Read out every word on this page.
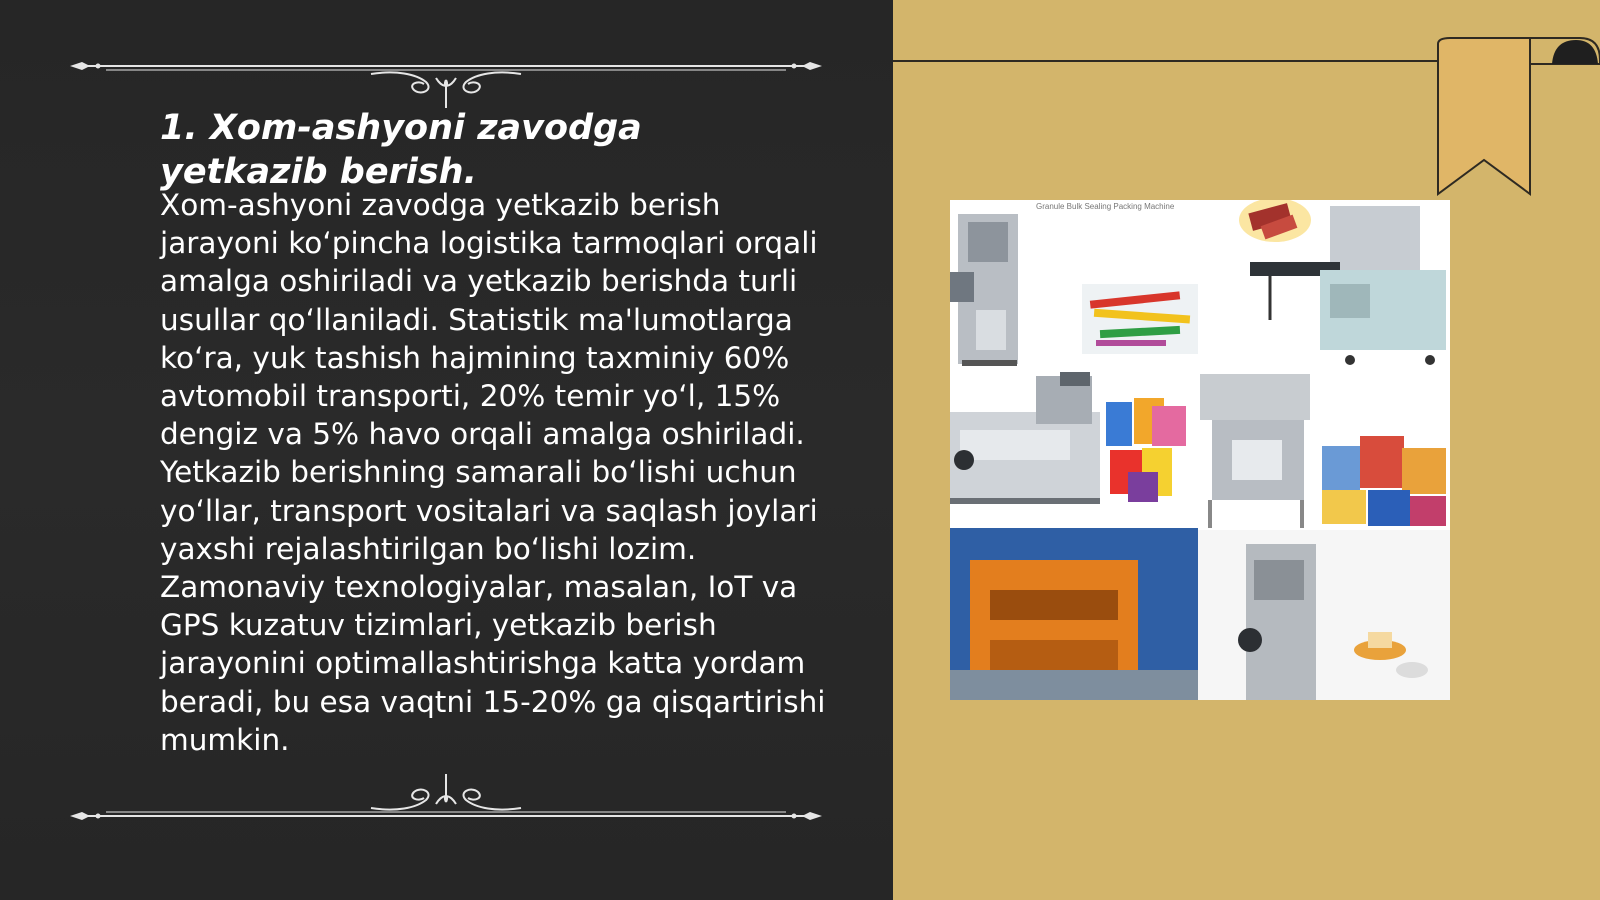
1. Xom-ashyoni zavodga yetkazib berish.

Xom-ashyoni zavodga yetkazib berish jarayoni ko‘pincha logistika tarmoqlari orqali amalga oshiriladi va yetkazib berishda turli usullar qo‘llaniladi. Statistik ma'lumotlarga ko‘ra, yuk tashish hajmining taxminiy 60% avtomobil transporti, 20% temir yo‘l, 15% dengiz va 5% havo orqali amalga oshiriladi. Yetkazib berishning samarali bo‘lishi uchun yo‘llar, transport vositalari va saqlash joylari yaxshi rejalashtirilgan bo‘lishi lozim. Zamonaviy texnologiyalar, masalan, IoT va GPS kuzatuv tizimlari, yetkazib berish jarayonini optimallashtirishga katta yordam beradi, bu esa vaqtni 15-20% ga qisqartirishi mumkin.

Granule Bulk Sealing Packing Machine
